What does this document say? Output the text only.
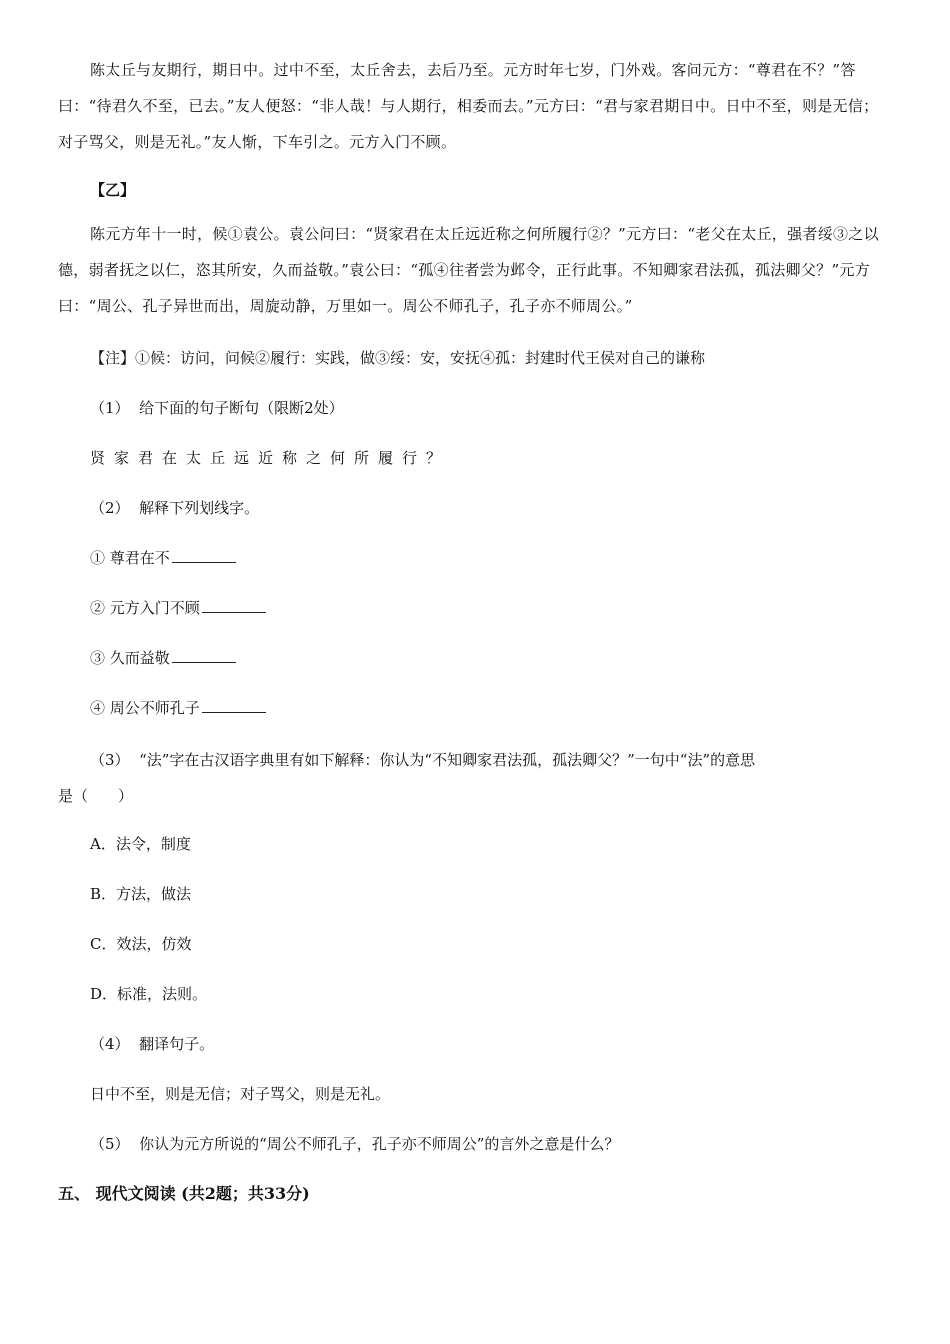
陈太丘与友期行，期日中。过中不至，太丘舍去，去后乃至。元方时年七岁，门外戏。客问元方：“尊君在不？”答曰：“待君久不至，已去。”友人便怒：“非人哉！与人期行，相委而去。”元方曰：“君与家君期日中。日中不至，则是无信；对子骂父，则是无礼。”友人惭，下车引之。元方入门不顾。

【乙】

陈元方年十一时，候①袁公。袁公问曰：“贤家君在太丘远近称之何所履行②？”元方曰：“老父在太丘，强者绥③之以德，弱者抚之以仁，恣其所安，久而益敬。”袁公曰：“孤④往者尝为邺令，正行此事。不知卿家君法孤，孤法卿父？”元方曰：“周公、孔子异世而出，周旋动静，万里如一。周公不师孔子，孔子亦不师周公。”

【注】①候：访问，问候②履行：实践，做③绥：安，安抚④孤：封建时代王侯对自己的谦称

（1） 给下面的句子断句（限断2处）

贤家君在太丘远近称之何所履行？

（2） 解释下列划线字。

① 尊君在不

② 元方入门不顾

③ 久而益敬

④ 周公不师孔子

（3） “法”字在古汉语字典里有如下解释：你认为“不知卿家君法孤，孤法卿父？”一句中“法”的意思

是（　　）

A．法令，制度

B．方法，做法

C．效法，仿效

D．标准，法则。

（4） 翻译句子。

日中不至，则是无信；对子骂父，则是无礼。

（5） 你认为元方所说的“周公不师孔子，孔子亦不师周公”的言外之意是什么？

五、 现代文阅读 (共2题；共33分)
